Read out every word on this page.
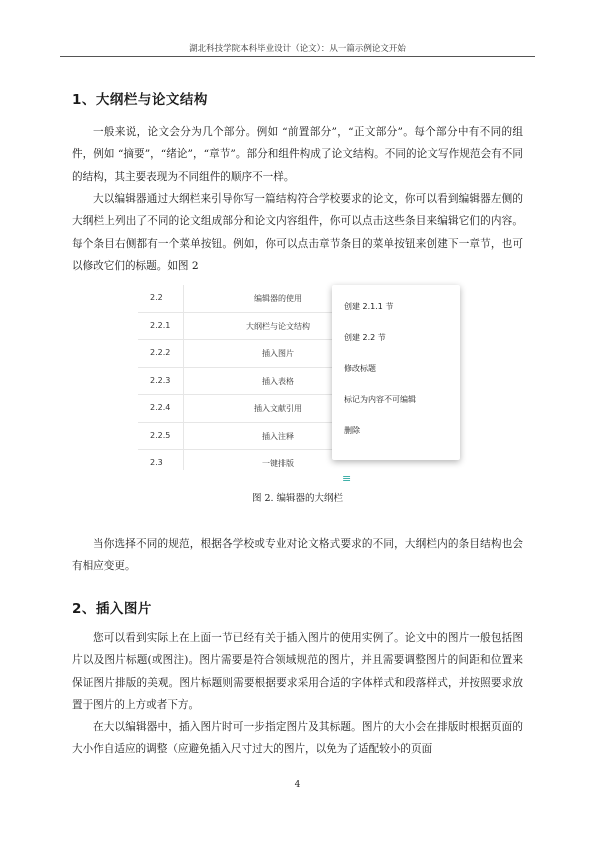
湖北科技学院本科毕业设计（论文）：从一篇示例论文开始
1、大纲栏与论文结构

一般来说，论文会分为几个部分。例如 “前置部分”，“正文部分”。每个部分中有不同的组件，例如 “摘要”，“绪论”，“章节”。部分和组件构成了论文结构。不同的论文写作规范会有不同的结构，其主要表现为不同组件的顺序不一样。

大以编辑器通过大纲栏来引导你写一篇结构符合学校要求的论文，你可以看到编辑器左侧的大纲栏上列出了不同的论文组成部分和论文内容组件，你可以点击这些条目来编辑它们的内容。每个条目右侧都有一个菜单按钮。例如，你可以点击章节条目的菜单按钮来创建下一章节，也可以修改它们的标题。如图 2

2.2	编辑器的使用
2.2.1	大纲栏与论文结构
2.2.2	插入图片
2.2.3	插入表格
2.2.4	插入文献引用
2.2.5	插入注释
2.3	一键排版
≡
创建 2.1.1 节
创建 2.2 节
修改标题
标记为内容不可编辑
删除
图 2. 编辑器的大纲栏

当你选择不同的规范，根据各学校或专业对论文格式要求的不同，大纲栏内的条目结构也会有相应变更。

2、插入图片

您可以看到实际上在上面一节已经有关于插入图片的使用实例了。论文中的图片一般包括图片以及图片标题(或图注)。图片需要是符合领域规范的图片，并且需要调整图片的间距和位置来保证图片排版的美观。图片标题则需要根据要求采用合适的字体样式和段落样式，并按照要求放置于图片的上方或者下方。

在大以编辑器中，插入图片时可一步指定图片及其标题。图片的大小会在排版时根据页面的大小作自适应的调整（应避免插入尺寸过大的图片，以免为了适配较小的页面

4
